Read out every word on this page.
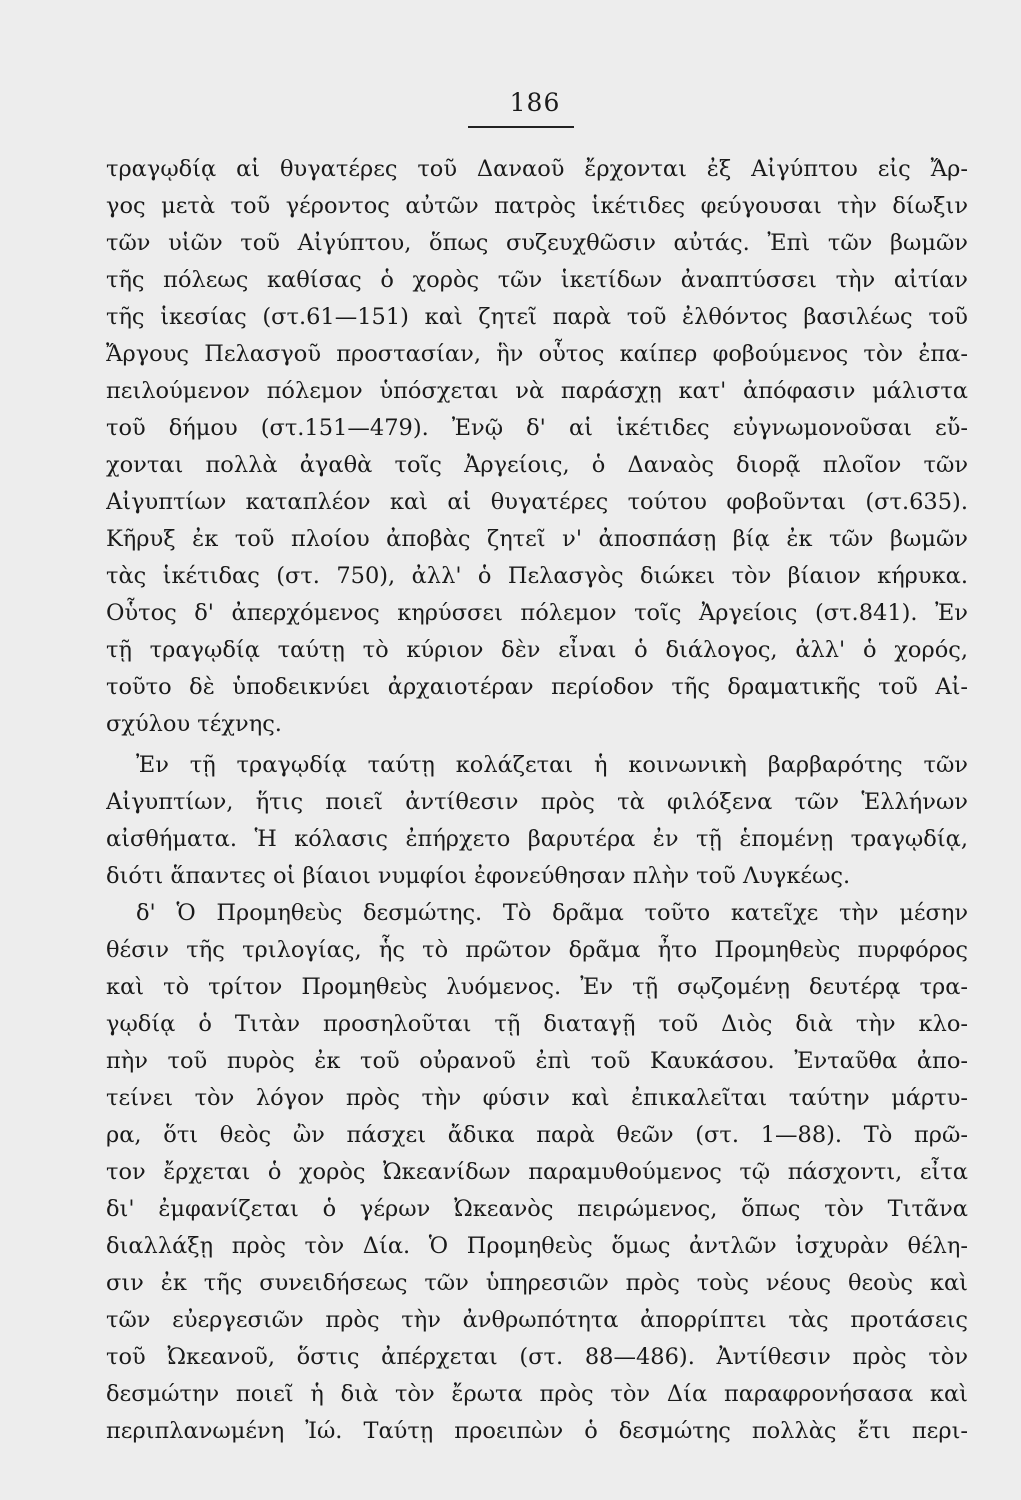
186
τραγῳδίᾳ αἱ θυγατέρες τοῦ Δαναοῦ ἔρχονται ἐξ Αἰγύπτου εἰς Ἄρ-
γος μετὰ τοῦ γέροντος αὐτῶν πατρὸς ἱκέτιδες φεύγουσαι τὴν δίωξιν
τῶν υἱῶν τοῦ Αἰγύπτου, ὅπως συζευχθῶσιν αὐτάς. Ἐπὶ τῶν βωμῶν
τῆς πόλεως καθίσας ὁ χορὸς τῶν ἱκετίδων ἀναπτύσσει τὴν αἰτίαν
τῆς ἱκεσίας (στ.61—151) καὶ ζητεῖ παρὰ τοῦ ἐλθόντος βασιλέως τοῦ
Ἄργους Πελασγοῦ προστασίαν, ἣν οὗτος καίπερ φοβούμενος τὸν ἐπα-
πειλούμενον πόλεμον ὑπόσχεται νὰ παράσχῃ κατ' ἀπόφασιν μάλιστα
τοῦ δήμου (στ.151—479). Ἐνῷ δ' αἱ ἱκέτιδες εὐγνωμονοῦσαι εὔ-
χονται πολλὰ ἀγαθὰ τοῖς Ἀργείοις, ὁ Δαναὸς διορᾷ πλοῖον τῶν
Αἰγυπτίων καταπλέον καὶ αἱ θυγατέρες τούτου φοβοῦνται (στ.635).
Κῆρυξ ἐκ τοῦ πλοίου ἀποβὰς ζητεῖ ν' ἀποσπάσῃ βίᾳ ἐκ τῶν βωμῶν
τὰς ἱκέτιδας (στ. 750), ἀλλ' ὁ Πελασγὸς διώκει τὸν βίαιον κήρυκα.
Οὗτος δ' ἀπερχόμενος κηρύσσει πόλεμον τοῖς Ἀργείοις (στ.841). Ἐν
τῇ τραγῳδίᾳ ταύτῃ τὸ κύριον δὲν εἶναι ὁ διάλογος, ἀλλ' ὁ χορός,
τοῦτο δὲ ὑποδεικνύει ἀρχαιοτέραν περίοδον τῆς δραματικῆς τοῦ Αἰ-
σχύλου τέχνης.
Ἐν τῇ τραγῳδίᾳ ταύτῃ κολάζεται ἡ κοινωνικὴ βαρβαρότης τῶν
Αἰγυπτίων, ἥτις ποιεῖ ἀντίθεσιν πρὸς τὰ φιλόξενα τῶν Ἑλλήνων
αἰσθήματα. Ἡ κόλασις ἐπήρχετο βαρυτέρα ἐν τῇ ἑπομένῃ τραγῳδίᾳ,
διότι ἅπαντες οἱ βίαιοι νυμφίοι ἐφονεύθησαν πλὴν τοῦ Λυγκέως.
δ' Ὁ Προμηθεὺς δεσμώτης. Τὸ δρᾶμα τοῦτο κατεῖχε τὴν μέσην
θέσιν τῆς τριλογίας, ἧς τὸ πρῶτον δρᾶμα ἦτο Προμηθεὺς πυρφόρος
καὶ τὸ τρίτον Προμηθεὺς λυόμενος. Ἐν τῇ σῳζομένῃ δευτέρᾳ τρα-
γῳδίᾳ ὁ Τιτὰν προσηλοῦται τῇ διαταγῇ τοῦ Διὸς διὰ τὴν κλο-
πὴν τοῦ πυρὸς ἐκ τοῦ οὐρανοῦ ἐπὶ τοῦ Καυκάσου. Ἐνταῦθα ἀπο-
τείνει τὸν λόγον πρὸς τὴν φύσιν καὶ ἐπικαλεῖται ταύτην μάρτυ-
ρα, ὅτι θεὸς ὢν πάσχει ἄδικα παρὰ θεῶν (στ. 1—88). Τὸ πρῶ-
τον ἔρχεται ὁ χορὸς Ὠκεανίδων παραμυθούμενος τῷ πάσχοντι, εἶτα
δι' ἐμφανίζεται ὁ γέρων Ὠκεανὸς πειρώμενος, ὅπως τὸν Τιτᾶνα
διαλλάξῃ πρὸς τὸν Δία. Ὁ Προμηθεὺς ὅμως ἀντλῶν ἰσχυρὰν θέλη-
σιν ἐκ τῆς συνειδήσεως τῶν ὑπηρεσιῶν πρὸς τοὺς νέους θεοὺς καὶ
τῶν εὐεργεσιῶν πρὸς τὴν ἀνθρωπότητα ἀπορρίπτει τὰς προτάσεις
τοῦ Ὠκεανοῦ, ὅστις ἀπέρχεται (στ. 88—486). Ἀντίθεσιν πρὸς τὸν
δεσμώτην ποιεῖ ἡ διὰ τὸν ἔρωτα πρὸς τὸν Δία παραφρονήσασα καὶ
περιπλανωμένη Ἰώ. Ταύτῃ προειπὼν ὁ δεσμώτης πολλὰς ἔτι περι-
